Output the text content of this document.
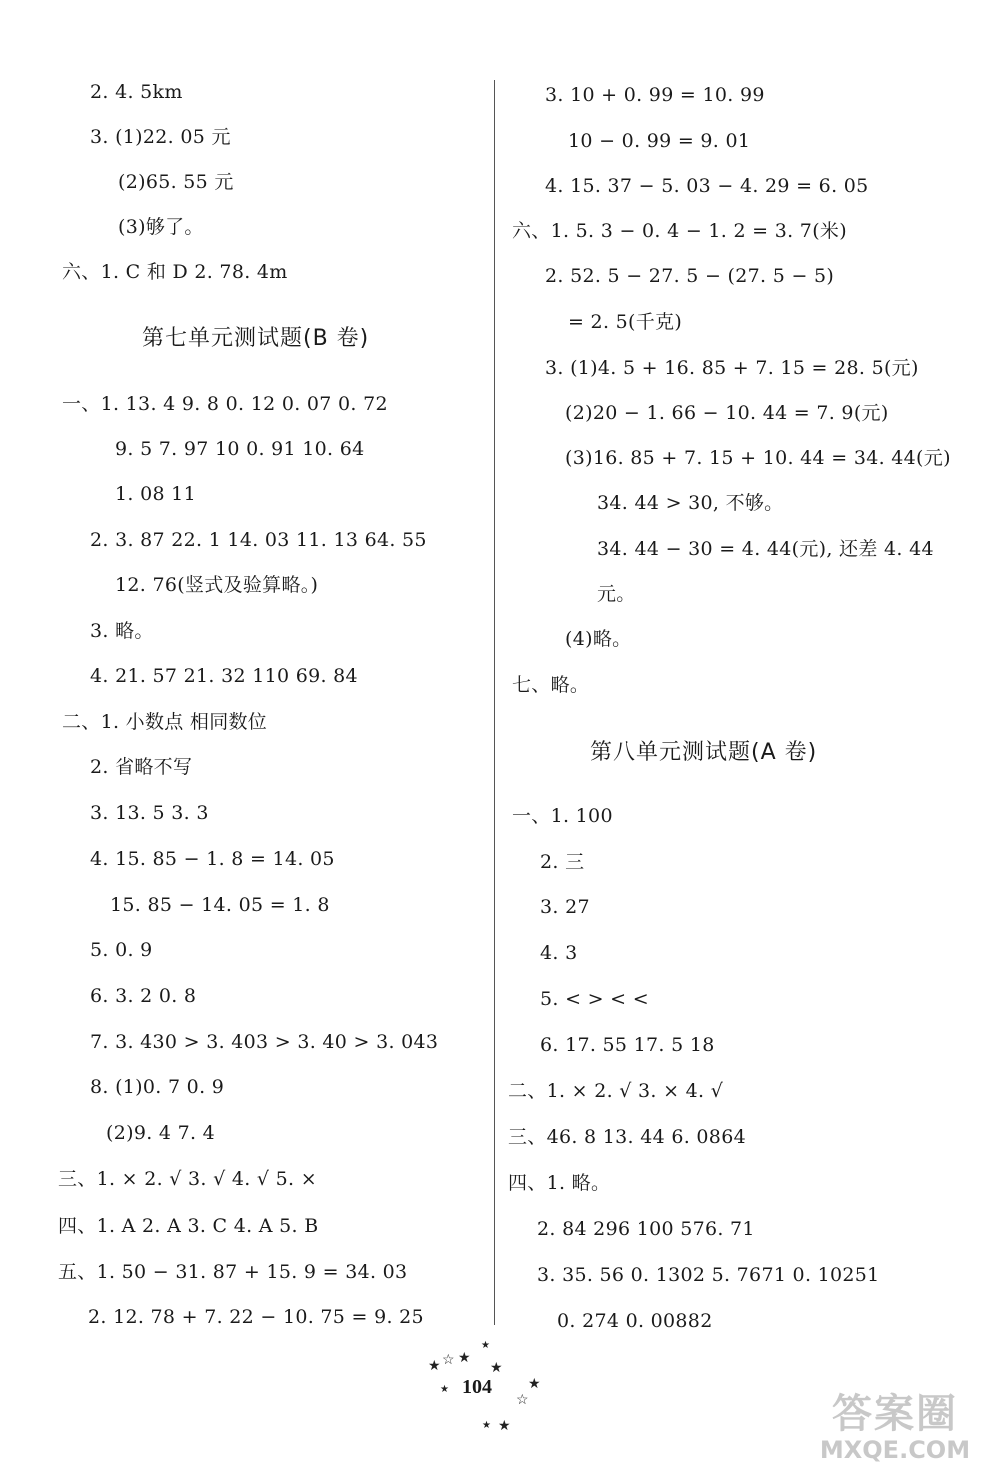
2. 4. 5km
3. (1)22. 05 元
(2)65. 55 元
(3)够了。
六、1. C 和 D 2. 78. 4m
第七单元测试题(B 卷)
一、1. 13. 4 9. 8 0. 12 0. 07 0. 72
9. 5 7. 97 10 0. 91 10. 64
1. 08 11
2. 3. 87 22. 1 14. 03 11. 13 64. 55
12. 76(竖式及验算略。)
3. 略。
4. 21. 57 21. 32 110 69. 84
二、1. 小数点 相同数位
2. 省略不写
3. 13. 5 3. 3
4. 15. 85 − 1. 8 = 14. 05
15. 85 − 14. 05 = 1. 8
5. 0. 9
6. 3. 2 0. 8
7. 3. 430 > 3. 403 > 3. 40 > 3. 043
8. (1)0. 7 0. 9
(2)9. 4 7. 4
三、1. × 2. √ 3. √ 4. √ 5. ×
四、1. A 2. A 3. C 4. A 5. B
五、1. 50 − 31. 87 + 15. 9 = 34. 03
2. 12. 78 + 7. 22 − 10. 75 = 9. 25
3. 10 + 0. 99 = 10. 99
10 − 0. 99 = 9. 01
4. 15. 37 − 5. 03 − 4. 29 = 6. 05
六、1. 5. 3 − 0. 4 − 1. 2 = 3. 7(米)
2. 52. 5 − 27. 5 − (27. 5 − 5)
= 2. 5(千克)
3. (1)4. 5 + 16. 85 + 7. 15 = 28. 5(元)
(2)20 − 1. 66 − 10. 44 = 7. 9(元)
(3)16. 85 + 7. 15 + 10. 44 = 34. 44(元)
34. 44 > 30, 不够。
34. 44 − 30 = 4. 44(元), 还差 4. 44
元。
(4)略。
七、略。
第八单元测试题(A 卷)
一、1. 100
2. 三
3. 27
4. 3
5. < > < <
6. 17. 55 17. 5 18
二、1. × 2. √ 3. × 4. √
三、46. 8 13. 44 6. 0864
四、1. 略。
2. 84 296 100 576. 71
3. 35. 56 0. 1302 5. 7671 0. 10251
0. 274 0. 00882
★ ☆ ★
★
★
★
★
☆
★ ★
104
答案圈
MXQE.COM
